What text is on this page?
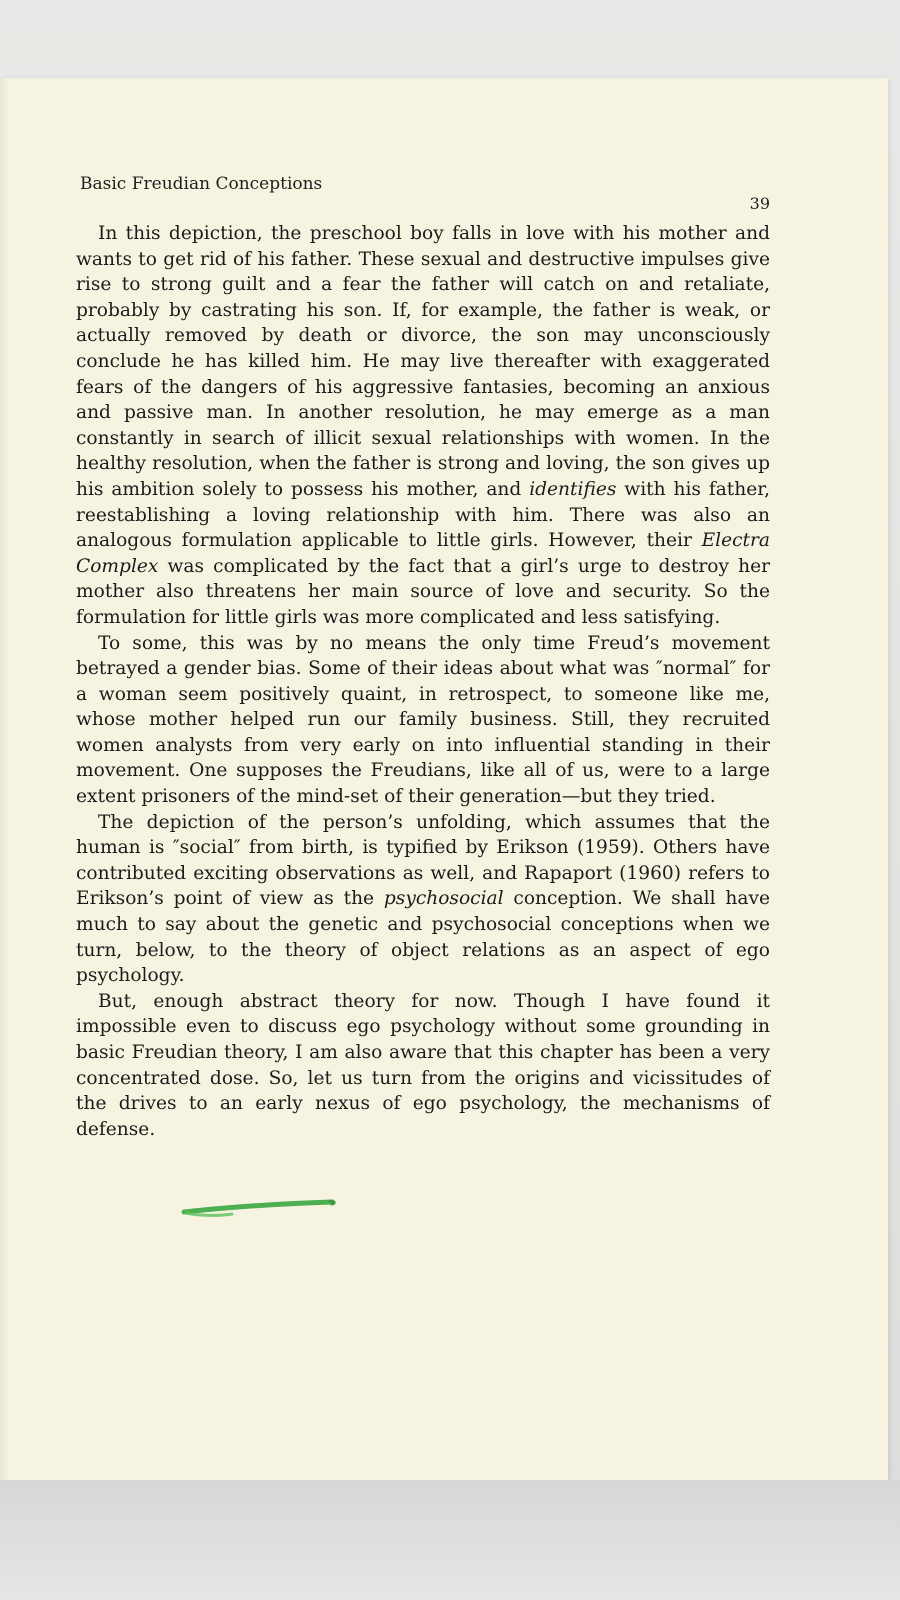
Basic Freudian Conceptions
39

In this depiction, the preschool boy falls in love with his mother and wants to get rid of his father. These sexual and destructive impulses give rise to strong guilt and a fear the father will catch on and retaliate, probably by castrating his son. If, for example, the father is weak, or actually removed by death or divorce, the son may unconsciously conclude he has killed him. He may live thereafter with exaggerated fears of the dangers of his aggressive fantasies, becoming an anxious and passive man. In another resolution, he may emerge as a man constantly in search of illicit sexual relationships with women. In the healthy resolution, when the father is strong and loving, the son gives up his ambition solely to possess his mother, and identifies with his father, reestablishing a loving relationship with him. There was also an analogous formulation applicable to little girls. However, their Electra Complex was complicated by the fact that a girl’s urge to destroy her mother also threatens her main source of love and security. So the formulation for little girls was more complicated and less satisfying.

To some, this was by no means the only time Freud’s movement betrayed a gender bias. Some of their ideas about what was ″normal″ for a woman seem positively quaint, in retrospect, to someone like me, whose mother helped run our family business. Still, they recruited women analysts from very early on into influential standing in their movement. One supposes the Freudians, like all of us, were to a large extent prisoners of the mind-set of their generation—but they tried.

The depiction of the person’s unfolding, which assumes that the human is ″social″ from birth, is typified by Erikson (1959). Others have contributed exciting observations as well, and Rapaport (1960) refers to Erikson’s point of view as the psychosocial conception. We shall have much to say about the genetic and psychosocial conceptions when we turn, below, to the theory of object relations as an aspect of ego psychology.

But, enough abstract theory for now. Though I have found it impossible even to discuss ego psychology without some grounding in basic Freudian theory, I am also aware that this chapter has been a very concentrated dose. So, let us turn from the origins and vicissitudes of the drives to an early nexus of ego psychology, the mechanisms of defense.
